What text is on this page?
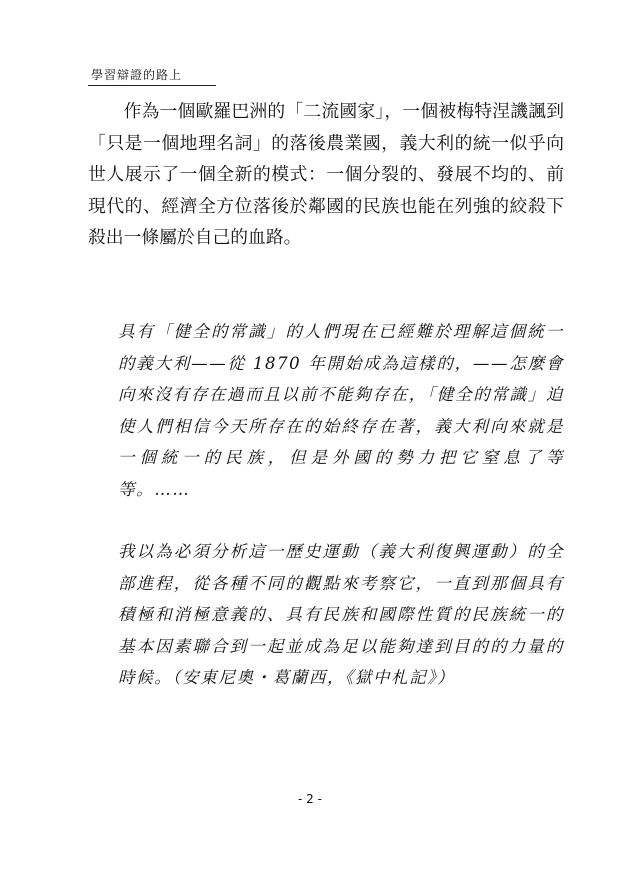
學習辯證的路上
作為一個歐羅巴洲的「二流國家」，一個被梅特涅譏諷到「只是一個地理名詞」的落後農業國，義大利的統一似乎向世人展示了一個全新的模式：一個分裂的、發展不均的、前現代的、經濟全方位落後於鄰國的民族也能在列強的絞殺下殺出一條屬於自己的血路。
具有「健全的常識」的人們現在已經難於理解這個統一的義大利——從 1870 年開始成為這樣的，——怎麼會向來沒有存在過而且以前不能夠存在，「健全的常識」迫使人們相信今天所存在的始終存在著，義大利向來就是一個統一的民族，但是外國的勢力把它窒息了等等。……
我以為必須分析這一歷史運動（義大利復興運動）的全部進程，從各種不同的觀點來考察它，一直到那個具有積極和消極意義的、具有民族和國際性質的民族統一的基本因素聯合到一起並成為足以能夠達到目的的力量的時候。（安東尼奧・葛蘭西，《獄中札記》）
- 2 -
